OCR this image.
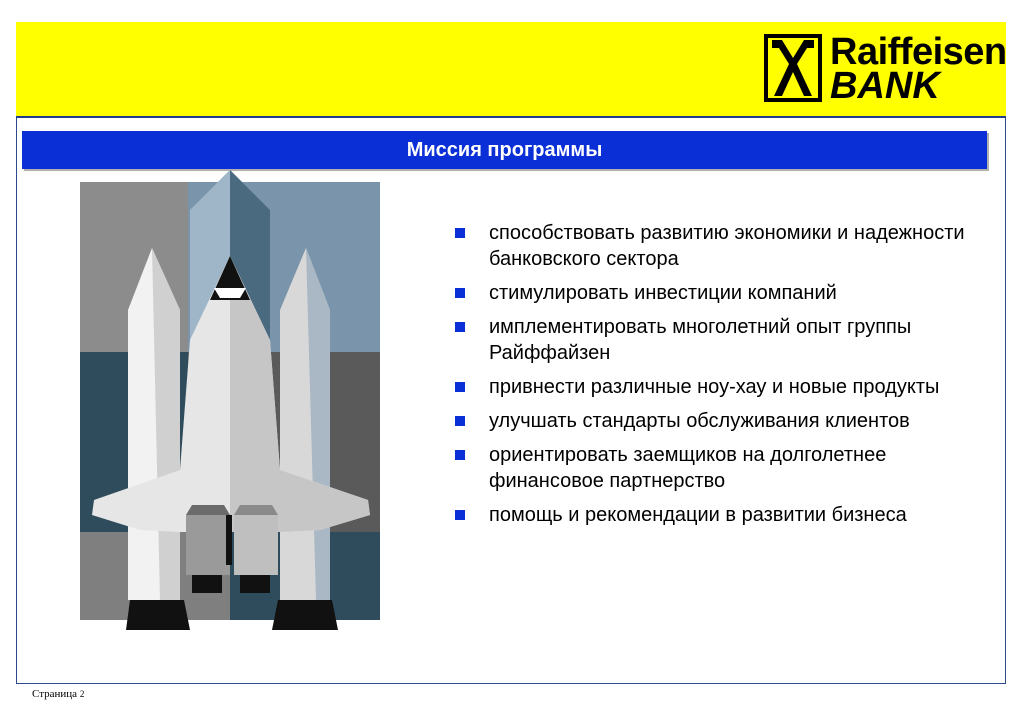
Raiffeisen
BANK
Миссия программы
способствовать развитию экономики и надежности банковского сектора
стимулировать инвестиции компаний
имплементировать многолетний опыт группы Райффайзен
привнести различные ноу-хау и новые продукты
улучшать стандарты обслуживания клиентов
ориентировать заемщиков на долголетнее финансовое партнерство
помощь и рекомендации в развитии бизнеса
Страница 2
